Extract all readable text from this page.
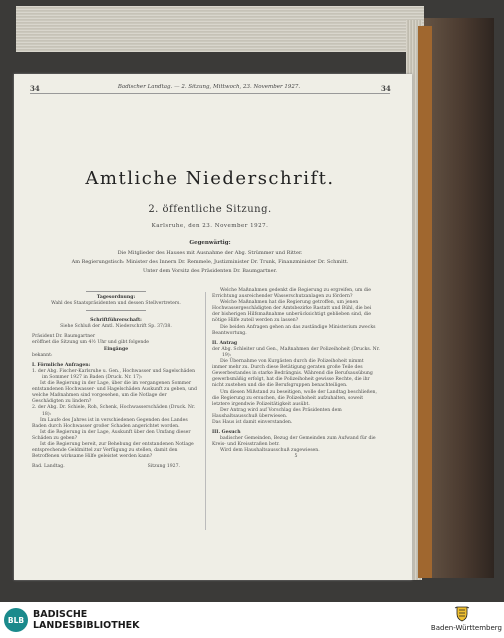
34	Badischer Landtag. — 2. Sitzung, Mittwoch, 23. November 1927.	34
Amtliche Niederschrift.
2. öffentliche Sitzung.
Karlsruhe, den 23. November 1927.
Gegenwärtig:
Die Mitglieder des Hauses mit Ausnahme der Abg. Strümmer und Ritter.
Am Regierungstisch: Minister des Innern Dr. Remmele, Justizminister Dr. Trunk, Finanzminister Dr. Schmitt.
Unter dem Vorsitz des Präsidenten Dr. Baumgartner.

Tagesordnung:

Wahl des Staatspräsidenten und dessen Stellvertreters.

Schriftführerschaft:

Siehe Schluß der Amtl. Niederschrift Sp. 37/38.

Präsident Dr. Baumgartner

eröffnet die Sitzung um 4½ Uhr und gibt folgende

Eingänge

bekannt:

I. Förmliche Anfragen:

1. der Abg. Fischer-Karlsruhe u. Gen., Hochwasser und Sagelschäden im Sommer 1927 in Baden (Druck. Nr. 17):

Ist die Regierung in der Lage, über die im vergangenen Sommer entstandenen Hochwasser- und Hagelschäden Auskunft zu geben, und welche Maßnahmen sind vorgesehen, um die Notlage der Geschädigten zu lindern?

2. der Abg. Dr. Schiele, Roh, Schenk, Hochwasserschäden (Druck. Nr. 18):

Im Laufe des Jahres ist in verschiedenen Gegenden des Landes Baden durch Hochwasser großer Schaden angerichtet worden.

Ist die Regierung in der Lage, Auskunft über den Umfang dieser Schäden zu geben?

Ist die Regierung bereit, zur Behebung der entstandenen Notlage entsprechende Geldmittel zur Verfügung zu stellen, damit den Betroffenen wirksame Hilfe geleistet werden kann?

Bad. Landtag.	Sitzung 1927.

Welche Maßnahmen gedenkt die Regierung zu ergreifen, um die Errichtung ausreichender Wasserschutzanlagen zu fördern?

Welche Maßnahmen hat die Regierung getroffen, um jenen Hochwassergeschädigten der Amtsbezirke Rastatt und Bühl, die bei der bisherigen Hilfsmaßnahme unberücksichtigt geblieben sind, die nötige Hilfe zuteil werden zu lassen?

Die beiden Anfragen gehen an das zuständige Ministerium zwecks Beantwortung.

II. Antrag

der Abg. Schleiter und Gen., Maßnahmen der Polizeihoheit (Drucks. Nr. 19):

Die Übernahme von Kurgästen durch die Polizeihoheit nimmt immer mehr zu. Durch diese Betätigung geraten große Teile des Gewerbestandes in starke Bedrängnis. Während die Berufsausübung gewerbsmäßig erfolgt, hat die Polizeihoheit gewisse Rechte, die ihr nicht zustehen und die die Berufsgruppen benachteiligen.

Um diesen Mißstand zu beseitigen, wolle der Landtag beschließen, die Regierung zu ersuchen, die Polizeihoheit aufzuhalten, soweit letztere irgendwie Polizeitätigkeit ausübt.

Der Antrag wird auf Vorschlag des Präsidenten dem Haushaltsausschuß überwiesen.

Das Haus ist damit einverstanden.

III. Gesuch

badischer Gemeinden, Bezug der Gemeinden zum Aufwand für die Kreis- und Kreisstraßen betr.

Wird dem Haushaltsausschuß zugewiesen.

5

BLB BADISCHE
LANDESBIBLIOTHEK	Baden-Württemberg
